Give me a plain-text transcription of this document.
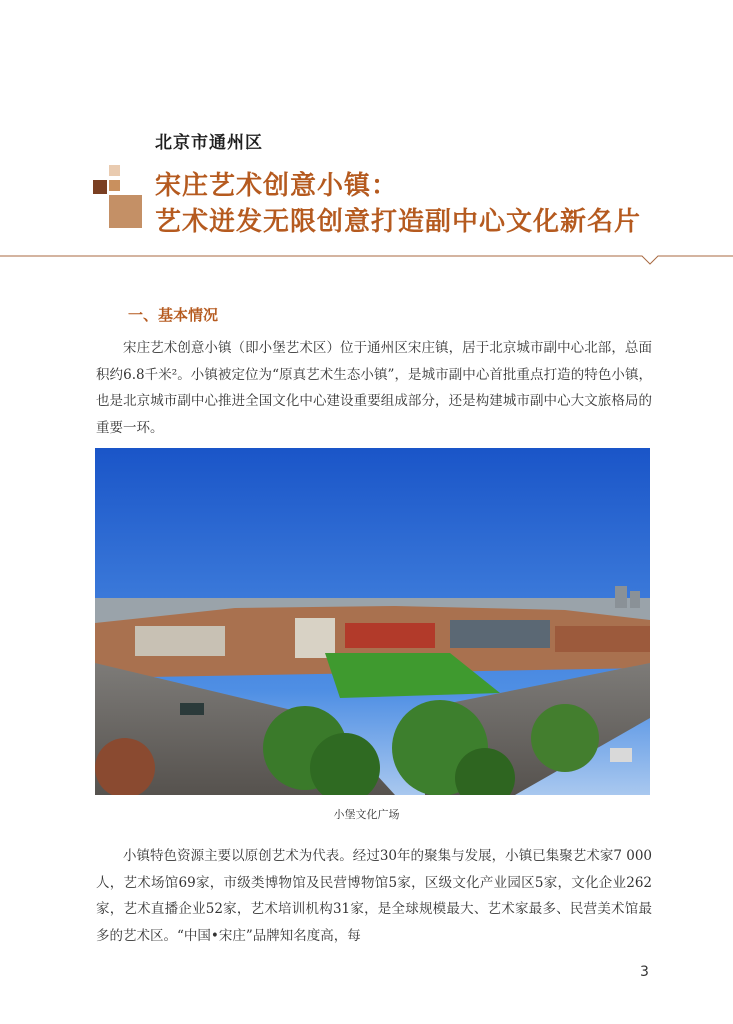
北京市通州区
宋庄艺术创意小镇：
艺术迸发无限创意打造副中心文化新名片
一、基本情况
宋庄艺术创意小镇（即小堡艺术区）位于通州区宋庄镇，居于北京城市副中心北部，总面积约6.8千米²。小镇被定位为“原真艺术生态小镇”，是城市副中心首批重点打造的特色小镇，也是北京城市副中心推进全国文化中心建设重要组成部分，还是构建城市副中心大文旅格局的重要一环。
小堡文化广场
小镇特色资源主要以原创艺术为代表。经过30年的聚集与发展，小镇已集聚艺术家7 000人，艺术场馆69家，市级类博物馆及民营博物馆5家，区级文化产业园区5家，文化企业262家，艺术直播企业52家，艺术培训机构31家，是全球规模最大、艺术家最多、民营美术馆最多的艺术区。“中国•宋庄”品牌知名度高，每
3
